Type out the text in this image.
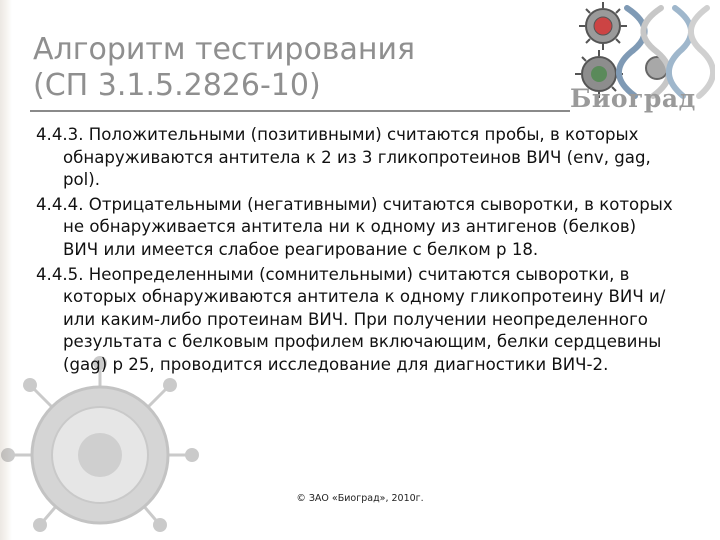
Алгоритм тестирования
(СП 3.1.5.2826-10)	Биоград

4.4.3. Положительными (позитивными) считаются пробы, в которых обнаруживаются антитела к 2 из 3 гликопротеинов ВИЧ (env, gag, pol).

4.4.4. Отрицательными (негативными) считаются сыворотки, в которых не обнаруживается антитела ни к одному из антигенов (белков) ВИЧ или имеется слабое реагирование с белком p 18.

4.4.5. Неопределенными (сомнительными) считаются сыворотки, в которых обнаруживаются антитела к одному гликопротеину ВИЧ и/или каким-либо протеинам ВИЧ. При получении неопределенного результата с белковым профилем включающим, белки сердцевины (gag) p 25, проводится исследование для диагностики ВИЧ-2.

© ЗАО «Биоград», 2010г.
